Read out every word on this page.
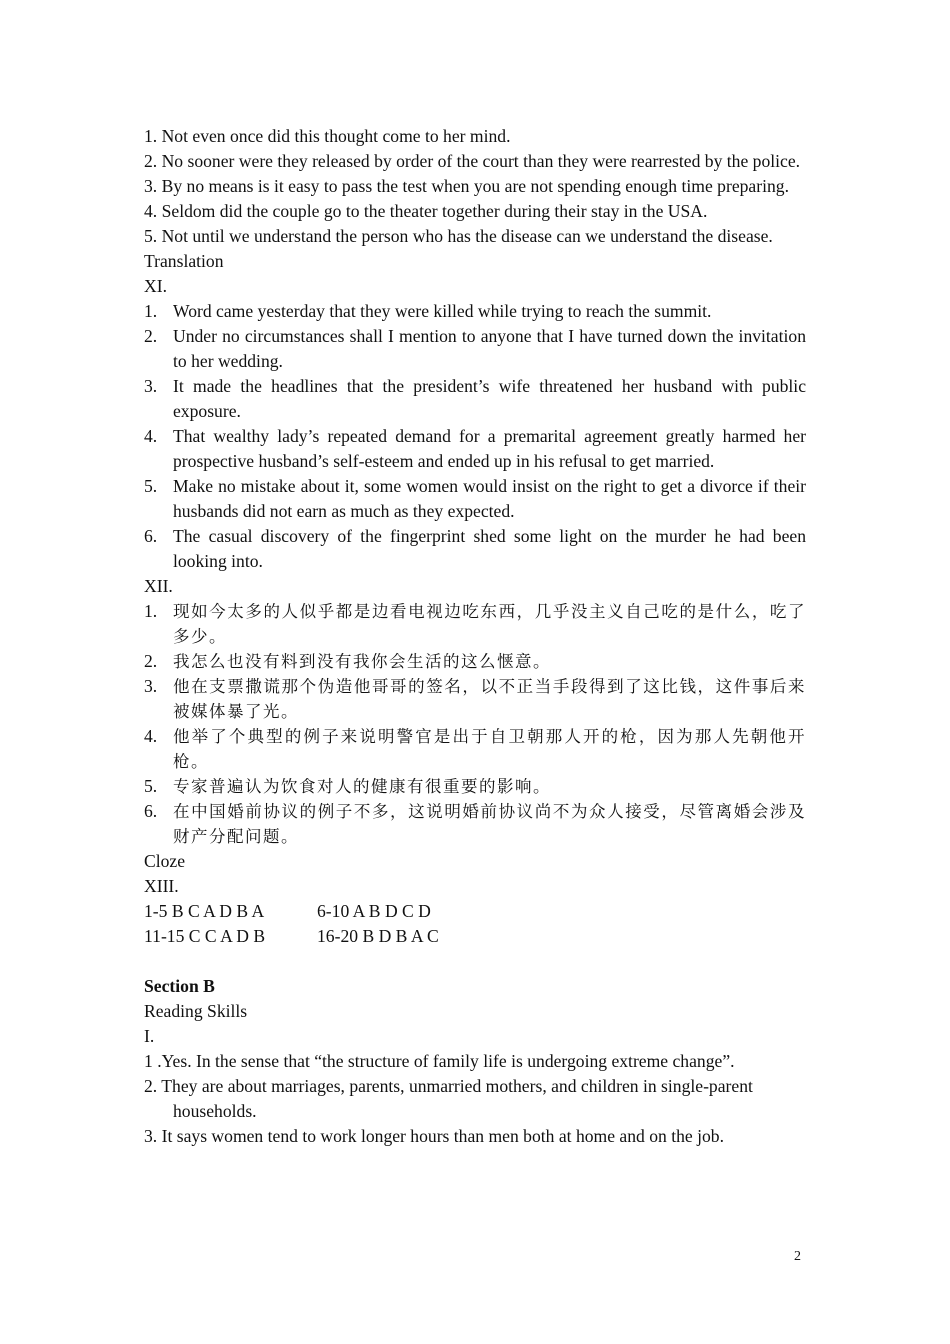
1. Not even once did this thought come to her mind.

2. No sooner were they released by order of the court than they were rearrested by the police.

3. By no means is it easy to pass the test when you are not spending enough time preparing.

4. Seldom did the couple go to the theater together during their stay in the USA.

5. Not until we understand the person who has the disease can we understand the disease.

Translation

XI.

1. Word came yesterday that they were killed while trying to reach the summit.
2. Under no circumstances shall I mention to anyone that I have turned down the invitation to her wedding.
3. It made the headlines that the president’s wife threatened her husband with public exposure.
4. That wealthy lady’s repeated demand for a premarital agreement greatly harmed her prospective husband’s self-esteem and ended up in his refusal to get married.
5. Make no mistake about it, some women would insist on the right to get a divorce if their husbands did not earn as much as they expected.
6. The casual discovery of the fingerprint shed some light on the murder he had been looking into.

XII.

1. 现如今太多的人似乎都是边看电视边吃东西，几乎没主义自己吃的是什么，吃了多少。
2. 我怎么也没有料到没有我你会生活的这么惬意。
3. 他在支票撒谎那个伪造他哥哥的签名，以不正当手段得到了这比钱，这件事后来被媒体暴了光。
4. 他举了个典型的例子来说明警官是出于自卫朝那人开的枪，因为那人先朝他开枪。
5. 专家普遍认为饮食对人的健康有很重要的影响。
6. 在中国婚前协议的例子不多，这说明婚前协议尚不为众人接受，尽管离婚会涉及财产分配问题。

Cloze

XIII.

1-5 B C A D B A	6-10 A B D C D
11-15 C C A D B	16-20 B D B A C

Section B

Reading Skills

I.

1 .Yes. In the sense that “the structure of family life is undergoing extreme change”.

2. They are about marriages, parents, unmarried mothers, and children in single-parent households.

3. It says women tend to work longer hours than men both at home and on the job.

2
